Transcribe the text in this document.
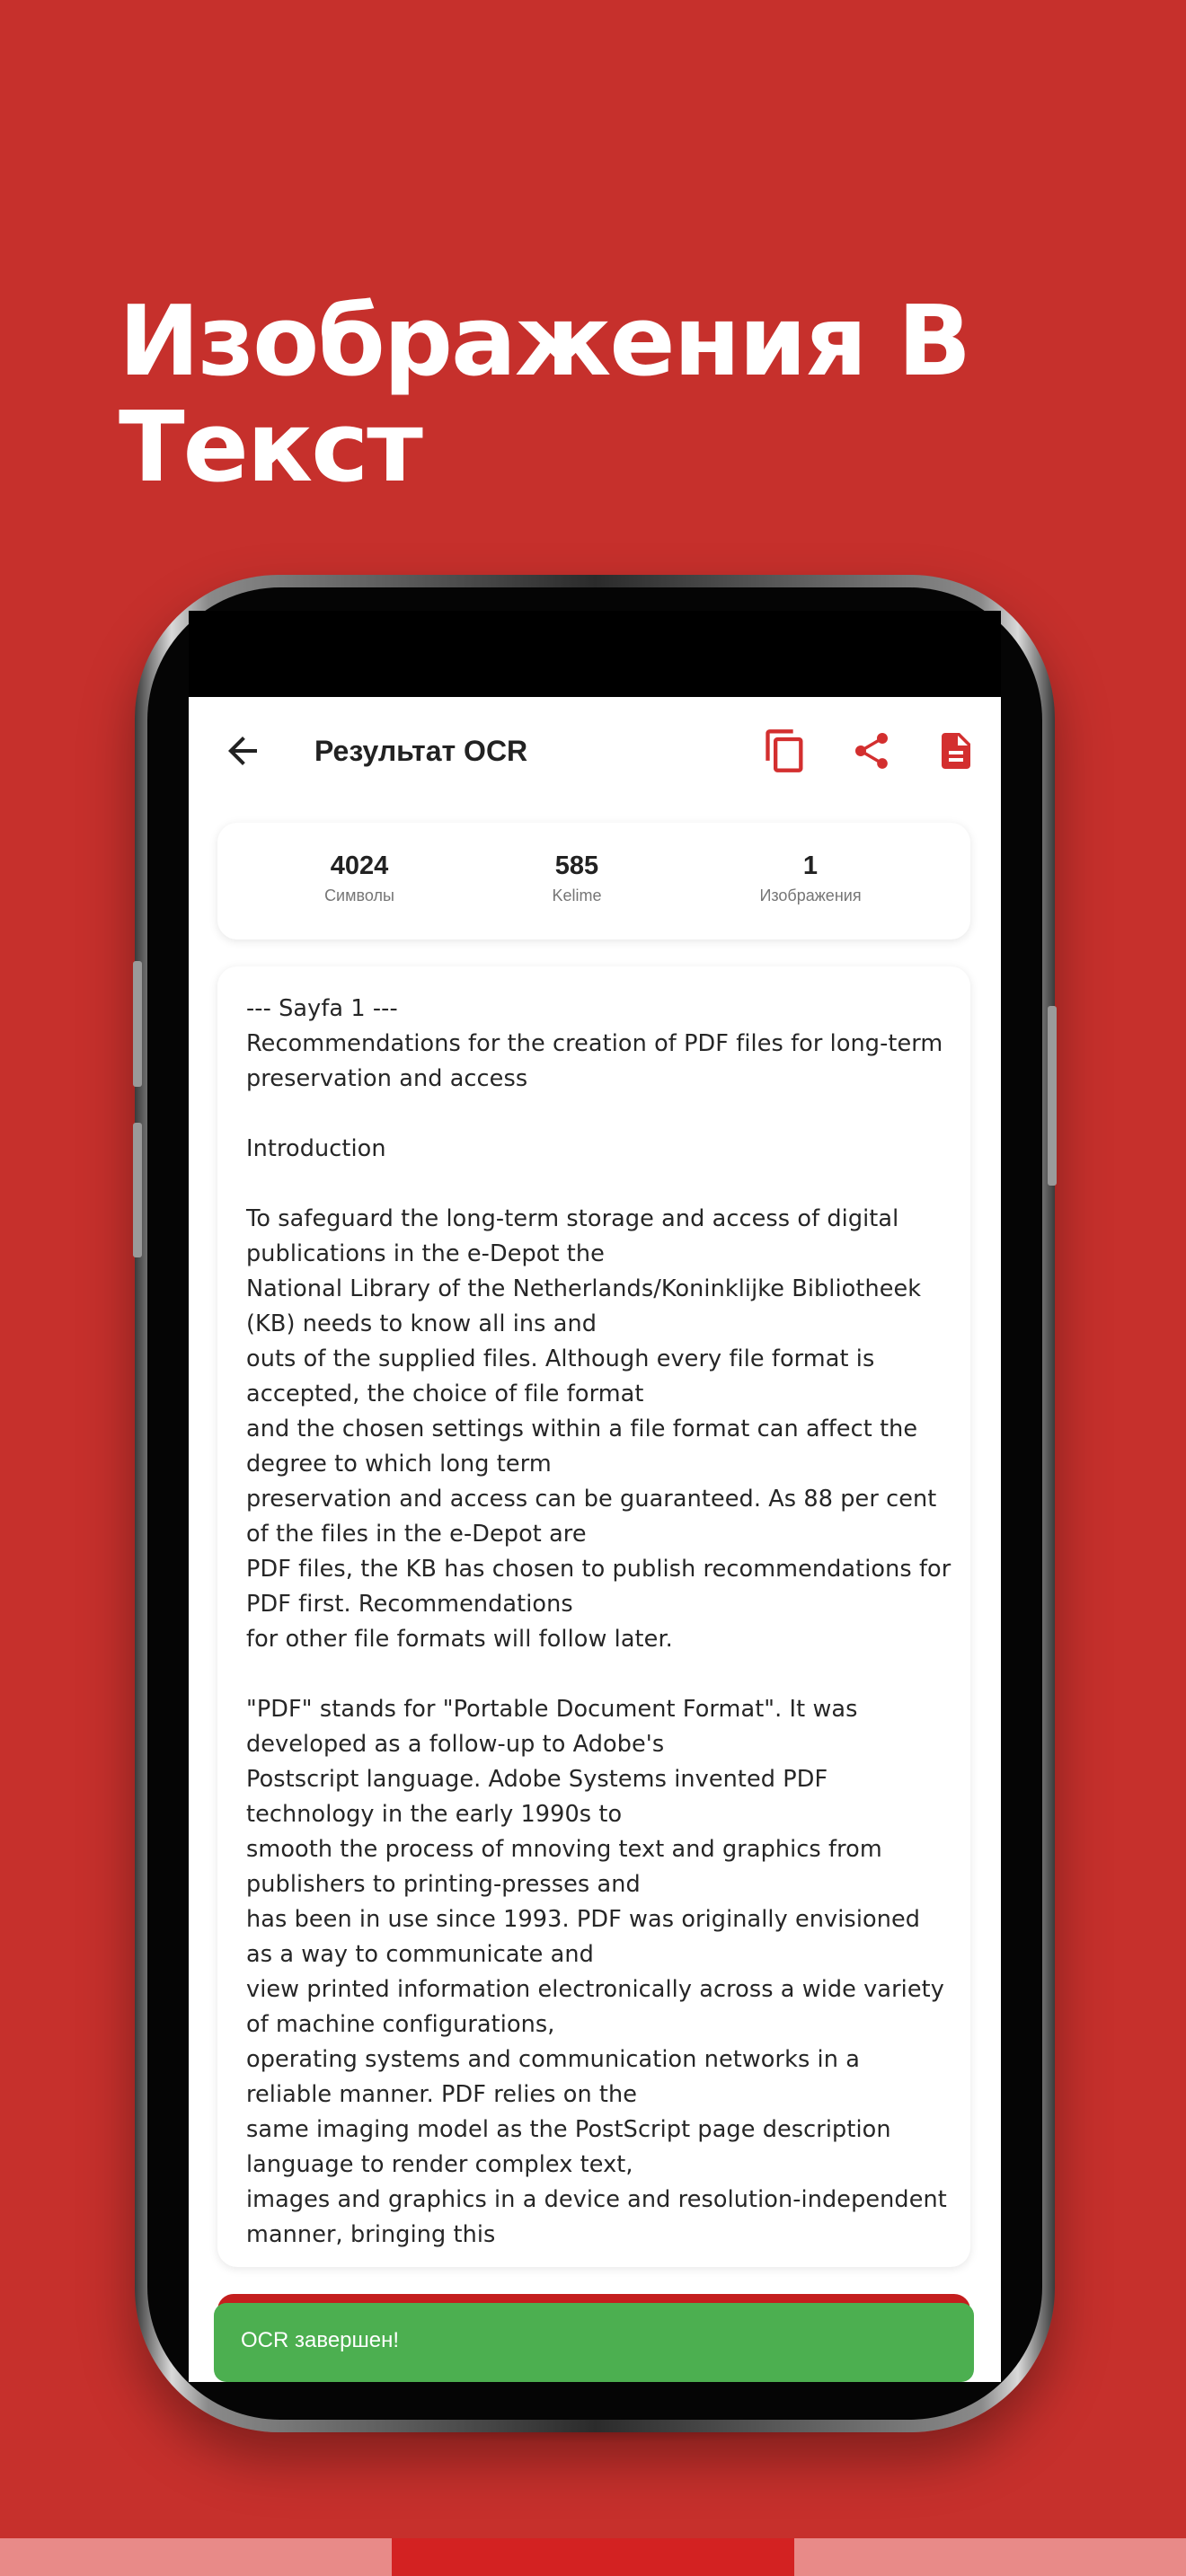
Изображения В
Текст
Результат OCR
4024
Символы
585
Kelime
1
Изображения
--- Sayfa 1 ---
Recommendations for the creation of PDF files for long-term preservation and access

Introduction

To safeguard the long-term storage and access of digital publications in the e-Depot the
National Library of the Netherlands/Koninklijke Bibliotheek (KB) needs to know all ins and
outs of the supplied files. Although every file format is accepted, the choice of file format
and the chosen settings within a file format can affect the degree to which long term
preservation and access can be guaranteed. As 88 per cent of the files in the e-Depot are
PDF files, the KB has chosen to publish recommendations for PDF first. Recommendations
for other file formats will follow later.

"PDF" stands for "Portable Document Format". It was developed as a follow-up to Adobe's
Postscript language. Adobe Systems invented PDF technology in the early 1990s to
smooth the process of mnoving text and graphics from publishers to printing-presses and
has been in use since 1993. PDF was originally envisioned as a way to communicate and
view printed information electronically across a wide variety of machine configurations,
operating systems and communication networks in a reliable manner. PDF relies on the
same imaging model as the PostScript page description language to render complex text,
images and graphics in a device and resolution-independent manner, bringing this
OCR завершен!
